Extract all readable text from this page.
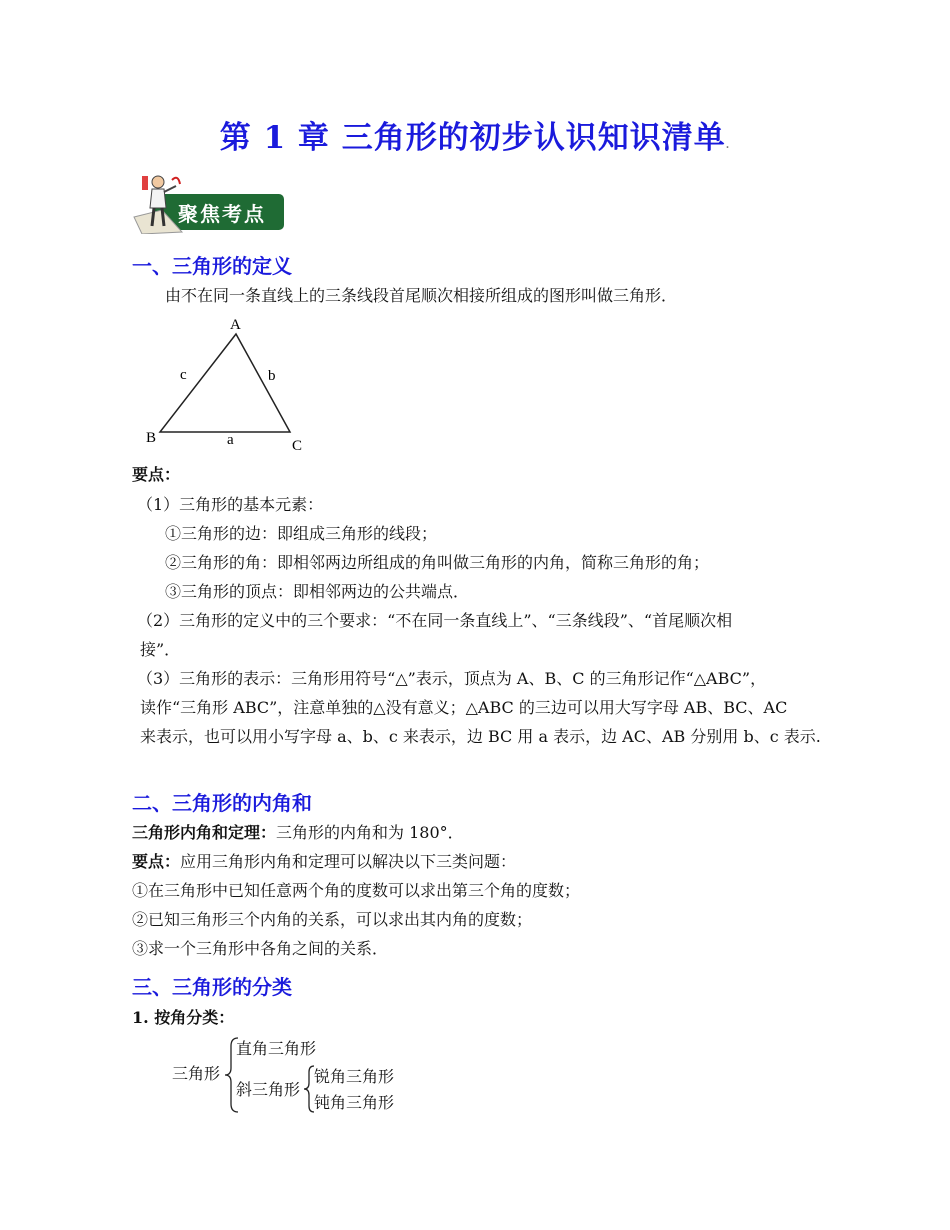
第 1 章 三角形的初步认识知识清单.
聚焦考点
一、三角形的定义
由不在同一条直线上的三条线段首尾顺次相接所组成的图形叫做三角形．
A
B	C
c	b
a
要点：
（1）三角形的基本元素：
①三角形的边：即组成三角形的线段；
②三角形的角：即相邻两边所组成的角叫做三角形的内角，简称三角形的角；
③三角形的顶点：即相邻两边的公共端点．
（2）三角形的定义中的三个要求：“不在同一条直线上”、“三条线段”、“首尾顺次相
接”．
（3）三角形的表示：三角形用符号“△”表示，顶点为 A、B、C 的三角形记作“△ABC”，
读作“三角形 ABC”，注意单独的△没有意义；△ABC 的三边可以用大写字母 AB、BC、AC
来表示，也可以用小写字母 a、b、c 来表示，边 BC 用 a 表示，边 AC、AB 分别用 b、c 表示.
二、三角形的内角和
三角形内角和定理：三角形的内角和为 180°．
要点：应用三角形内角和定理可以解决以下三类问题：
①在三角形中已知任意两个角的度数可以求出第三个角的度数；
②已知三角形三个内角的关系，可以求出其内角的度数；
③求一个三角形中各角之间的关系．
三、三角形的分类
1. 按角分类：
三角形
直角三角形
斜三角形
锐角三角形
钝角三角形
